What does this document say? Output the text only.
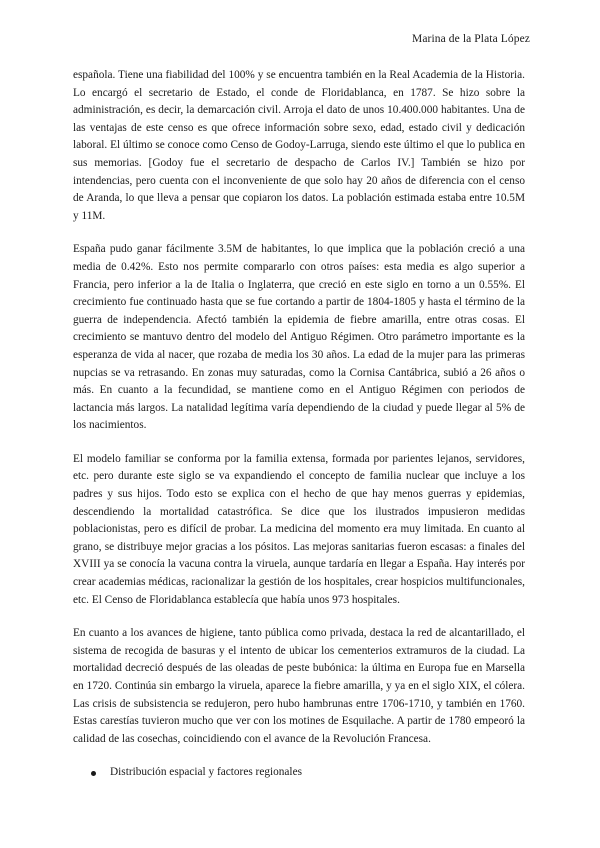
Marina de la Plata López

española. Tiene una fiabilidad del 100% y se encuentra también en la Real Academia de la Historia. Lo encargó el secretario de Estado, el conde de Floridablanca, en 1787. Se hizo sobre la administración, es decir, la demarcación civil. Arroja el dato de unos 10.400.000 habitantes. Una de las ventajas de este censo es que ofrece información sobre sexo, edad, estado civil y dedicación laboral. El último se conoce como Censo de Godoy-Larruga, siendo este último el que lo publica en sus memorias. [Godoy fue el secretario de despacho de Carlos IV.] También se hizo por intendencias, pero cuenta con el inconveniente de que solo hay 20 años de diferencia con el censo de Aranda, lo que lleva a pensar que copiaron los datos. La población estimada estaba entre 10.5M y 11M.

España pudo ganar fácilmente 3.5M de habitantes, lo que implica que la población creció a una media de 0.42%. Esto nos permite compararlo con otros países: esta media es algo superior a Francia, pero inferior a la de Italia o Inglaterra, que creció en este siglo en torno a un 0.55%. El crecimiento fue continuado hasta que se fue cortando a partir de 1804-1805 y hasta el término de la guerra de independencia. Afectó también la epidemia de fiebre amarilla, entre otras cosas. El crecimiento se mantuvo dentro del modelo del Antiguo Régimen. Otro parámetro importante es la esperanza de vida al nacer, que rozaba de media los 30 años. La edad de la mujer para las primeras nupcias se va retrasando. En zonas muy saturadas, como la Cornisa Cantábrica, subió a 26 años o más. En cuanto a la fecundidad, se mantiene como en el Antiguo Régimen con periodos de lactancia más largos. La natalidad legítima varía dependiendo de la ciudad y puede llegar al 5% de los nacimientos.

El modelo familiar se conforma por la familia extensa, formada por parientes lejanos, servidores, etc. pero durante este siglo se va expandiendo el concepto de familia nuclear que incluye a los padres y sus hijos. Todo esto se explica con el hecho de que hay menos guerras y epidemias, descendiendo la mortalidad catastrófica. Se dice que los ilustrados impusieron medidas poblacionistas, pero es difícil de probar. La medicina del momento era muy limitada. En cuanto al grano, se distribuye mejor gracias a los pósitos. Las mejoras sanitarias fueron escasas: a finales del XVIII ya se conocía la vacuna contra la viruela, aunque tardaría en llegar a España. Hay interés por crear academias médicas, racionalizar la gestión de los hospitales, crear hospicios multifuncionales, etc. El Censo de Floridablanca establecía que había unos 973 hospitales.

En cuanto a los avances de higiene, tanto pública como privada, destaca la red de alcantarillado, el sistema de recogida de basuras y el intento de ubicar los cementerios extramuros de la ciudad. La mortalidad decreció después de las oleadas de peste bubónica: la última en Europa fue en Marsella en 1720. Continúa sin embargo la viruela, aparece la fiebre amarilla, y ya en el siglo XIX, el cólera. Las crisis de subsistencia se redujeron, pero hubo hambrunas entre 1706-1710, y también en 1760. Estas carestías tuvieron mucho que ver con los motines de Esquilache. A partir de 1780 empeoró la calidad de las cosechas, coincidiendo con el avance de la Revolución Francesa.

Distribución espacial y factores regionales
